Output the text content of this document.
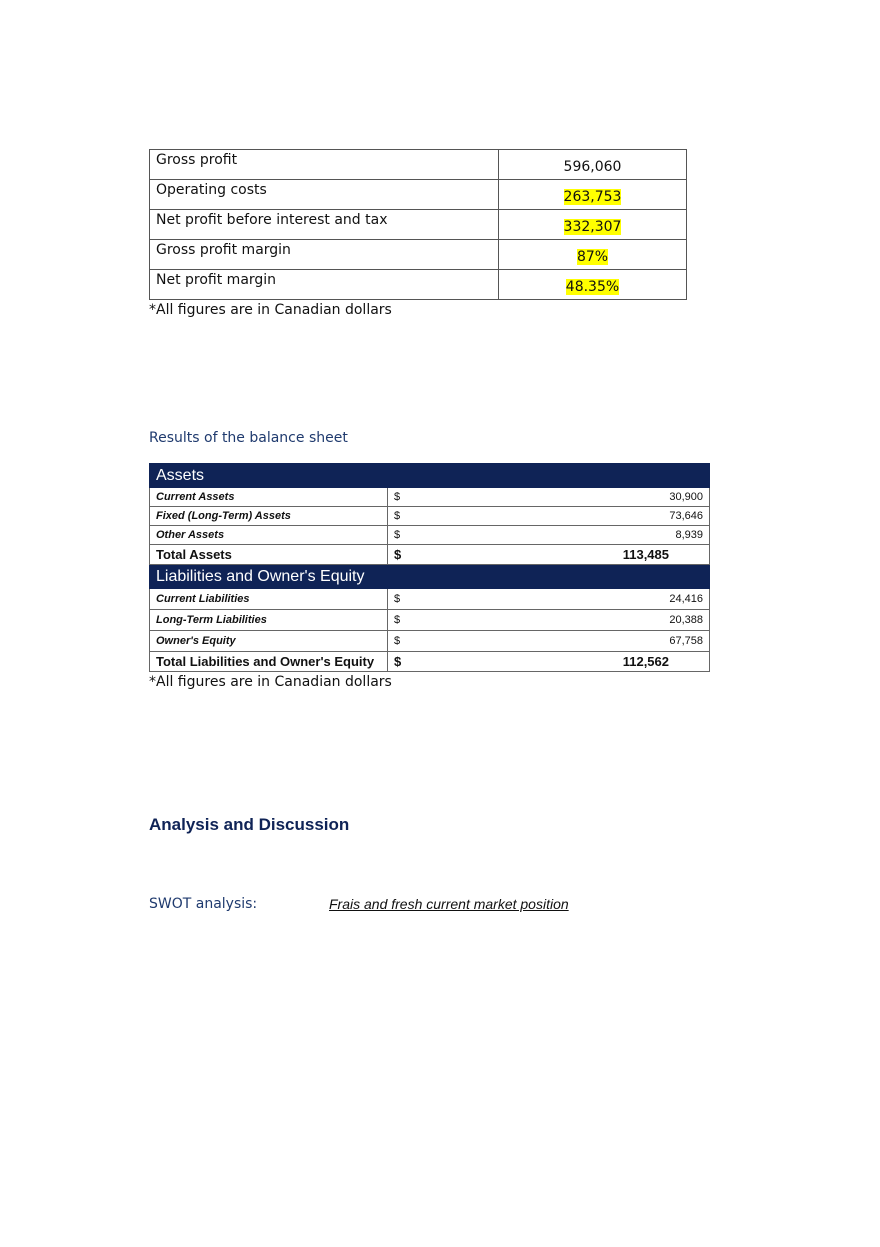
Gross profit	596,060
Operating costs	263,753
Net profit before interest and tax	332,307
Gross profit margin	87%
Net profit margin	48.35%
*All figures are in Canadian dollars
Results of the balance sheet
Assets	
Current Assets	$ 30,900
Fixed (Long-Term) Assets	$ 73,646
Other Assets	$ 8,939
Total Assets	$ 113,485
Liabilities and Owner's Equity	
Current Liabilities	$ 24,416
Long-Term Liabilities	$ 20,388
Owner's Equity	$ 67,758
Total Liabilities and Owner's Equity	$ 112,562
*All figures are in Canadian dollars
Analysis and Discussion
SWOT analysis:	Frais and fresh current market position
